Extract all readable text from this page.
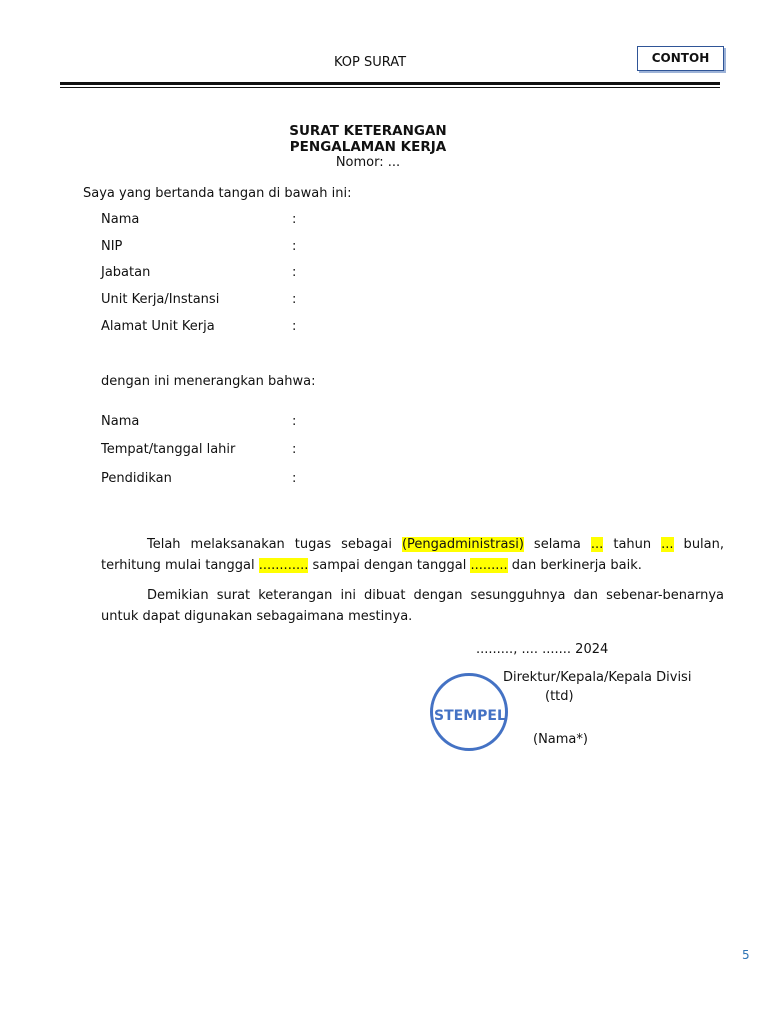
KOP SURAT	CONTOH
SURAT KETERANGAN
PENGALAMAN KERJA
Nomor: ...
Saya yang bertanda tangan di bawah ini:
Nama	:
NIP	:
Jabatan	:
Unit Kerja/Instansi	:
Alamat Unit Kerja	:
dengan ini menerangkan bahwa:
Nama	:
Tempat/tanggal lahir	:
Pendidikan	:
Telah melaksanakan tugas sebagai (Pengadministrasi) selama ... tahun ... bulan, terhitung mulai tanggal ............ sampai dengan tanggal ......... dan berkinerja baik.
Demikian surat keterangan ini dibuat dengan sesungguhnya dan sebenar-benarnya untuk dapat digunakan sebagaimana mestinya.
........., .... ....... 2024
STEMPEL
Direktur/Kepala/Kepala Divisi
(ttd)
(Nama*)
5
